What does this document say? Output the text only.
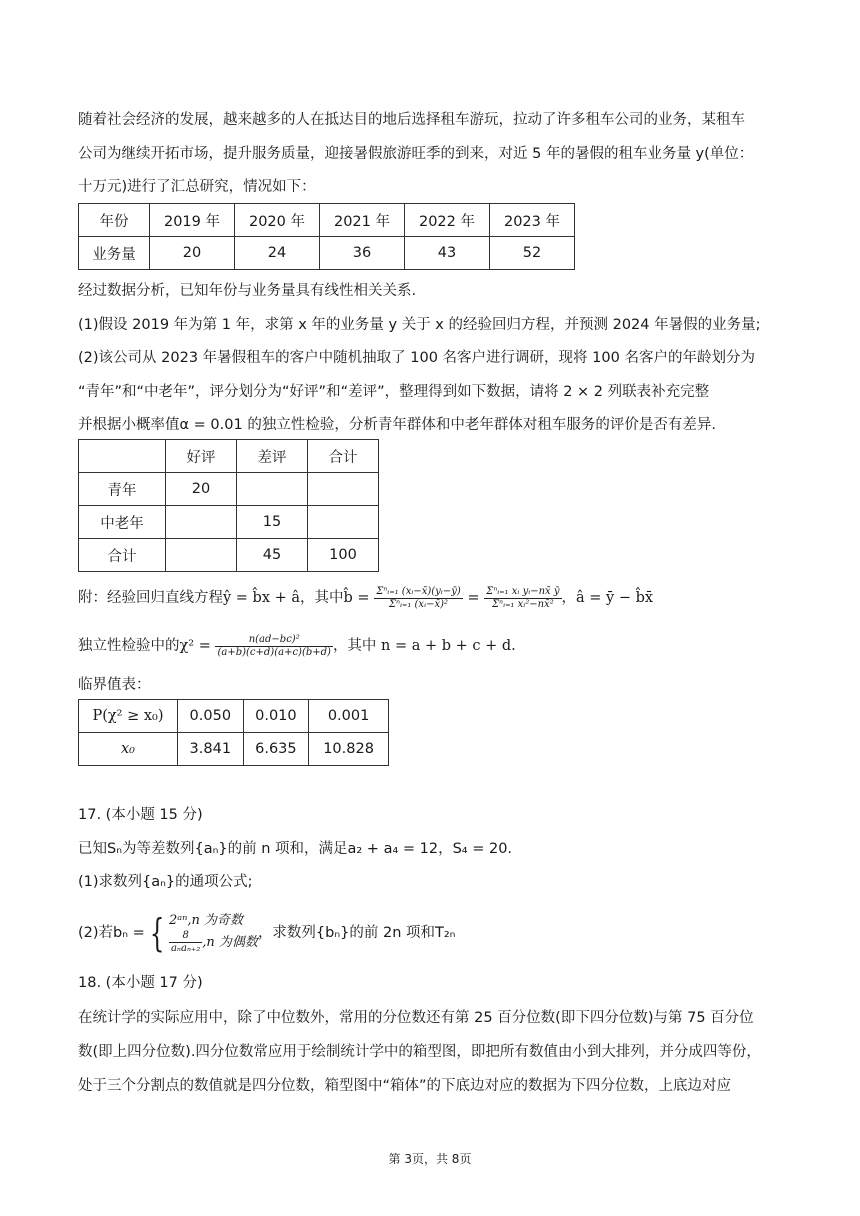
随着社会经济的发展，越来越多的人在抵达目的地后选择租车游玩，拉动了许多租车公司的业务，某租车
公司为继续开拓市场，提升服务质量，迎接暑假旅游旺季的到来，对近 5 年的暑假的租车业务量 y(单位：
十万元)进行了汇总研究，情况如下：
年份	2019 年	2020 年	2021 年	2022 年	2023 年
业务量	20	24	36	43	52
经过数据分析，已知年份与业务量具有线性相关关系.
(1)假设 2019 年为第 1 年，求第 x 年的业务量 y 关于 x 的经验回归方程，并预测 2024 年暑假的业务量;
(2)该公司从 2023 年暑假租车的客户中随机抽取了 100 名客户进行调研，现将 100 名客户的年龄划分为
“青年”和“中老年”，评分划分为“好评”和“差评”，整理得到如下数据，请将 2 × 2 列联表补充完整
并根据小概率值α = 0.01 的独立性检验，分析青年群体和中老年群体对租车服务的评价是否有差异.
	好评	差评	合计
青年	20		
中老年		15	
合计		45	100
附：经验回归直线方程ŷ = b̂x + â，其中b̂ = $\frac{\text{Σⁿᵢ₌₁ (xᵢ−x̄)(yᵢ−ȳ)}}{\text{Σⁿᵢ₌₁ (xᵢ−x̄)²}} = \frac{\text{Σⁿᵢ₌₁ xᵢ yᵢ−nx̄ ȳ}}{\text{Σⁿᵢ₌₁ xᵢ²−nx̄²}}$ ，â = ȳ − b̂x̄
独立性检验中的$\chi^2 = \frac{\text{n(ad−bc)²}}{(a+b)(c+d)(a+c)(b+d)}$ ，其中 n = a + b + c + d.
临界值表：
P(χ² ≥ x₀)	0.050	0.010	0.001
x₀	3.841	6.635	10.828
17. (本小题 15 分)
已知Sₙ为等差数列{aₙ}的前 n 项和，满足a₂ + a₄ = 12，S₄ = 20.
(1)求数列{aₙ}的通项公式;
(2)若bₙ = { 2ᵃⁿ,n 为奇数
$\frac{8}{\text{aₙaₙ₊₂}} ,n$ 为偶数
，求数列{bₙ}的前 2n 项和T₂ₙ
18. (本小题 17 分)
在统计学的实际应用中，除了中位数外，常用的分位数还有第 25 百分位数(即下四分位数)与第 75 百分位
数(即上四分位数).四分位数常应用于绘制统计学中的箱型图，即把所有数值由小到大排列，并分成四等份，
处于三个分割点的数值就是四分位数，箱型图中“箱体”的下底边对应的数据为下四分位数，上底边对应
第 3页，共 8页
